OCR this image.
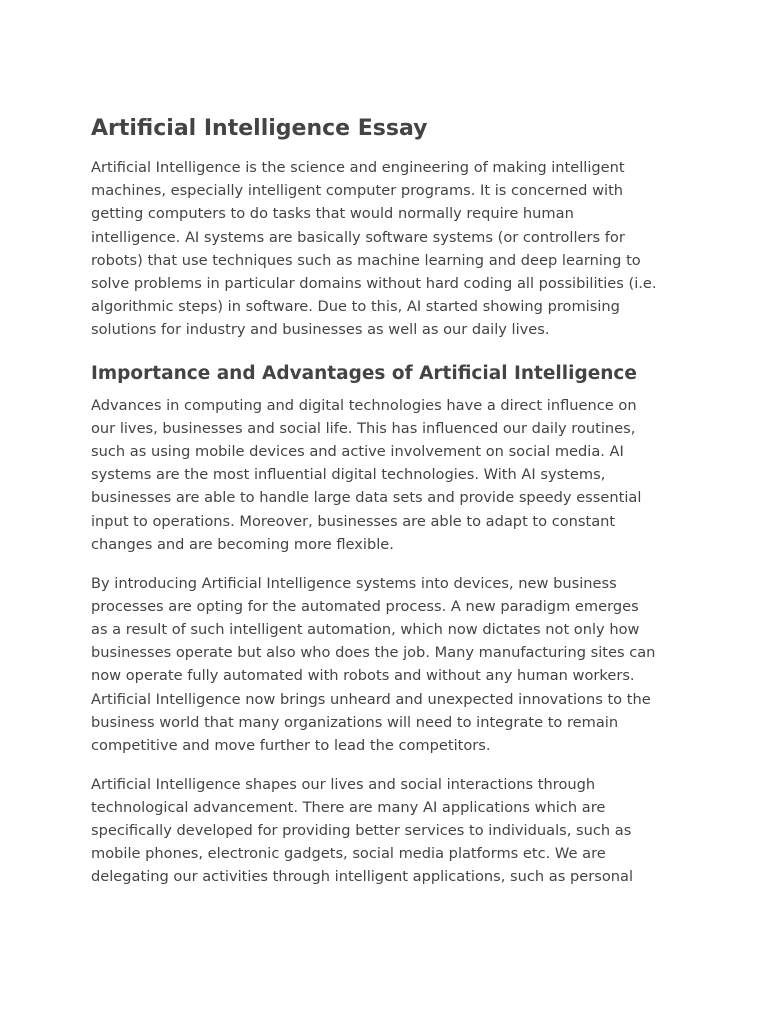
Artificial Intelligence Essay

Artificial Intelligence is the science and engineering of making intelligent
machines, especially intelligent computer programs. It is concerned with
getting computers to do tasks that would normally require human
intelligence. AI systems are basically software systems (or controllers for
robots) that use techniques such as machine learning and deep learning to
solve problems in particular domains without hard coding all possibilities (i.e.
algorithmic steps) in software. Due to this, AI started showing promising
solutions for industry and businesses as well as our daily lives.

Importance and Advantages of Artificial Intelligence

Advances in computing and digital technologies have a direct influence on
our lives, businesses and social life. This has influenced our daily routines,
such as using mobile devices and active involvement on social media. AI
systems are the most influential digital technologies. With AI systems,
businesses are able to handle large data sets and provide speedy essential
input to operations. Moreover, businesses are able to adapt to constant
changes and are becoming more flexible.

By introducing Artificial Intelligence systems into devices, new business
processes are opting for the automated process. A new paradigm emerges
as a result of such intelligent automation, which now dictates not only how
businesses operate but also who does the job. Many manufacturing sites can
now operate fully automated with robots and without any human workers.
Artificial Intelligence now brings unheard and unexpected innovations to the
business world that many organizations will need to integrate to remain
competitive and move further to lead the competitors.

Artificial Intelligence shapes our lives and social interactions through
technological advancement. There are many AI applications which are
specifically developed for providing better services to individuals, such as
mobile phones, electronic gadgets, social media platforms etc. We are
delegating our activities through intelligent applications, such as personal
